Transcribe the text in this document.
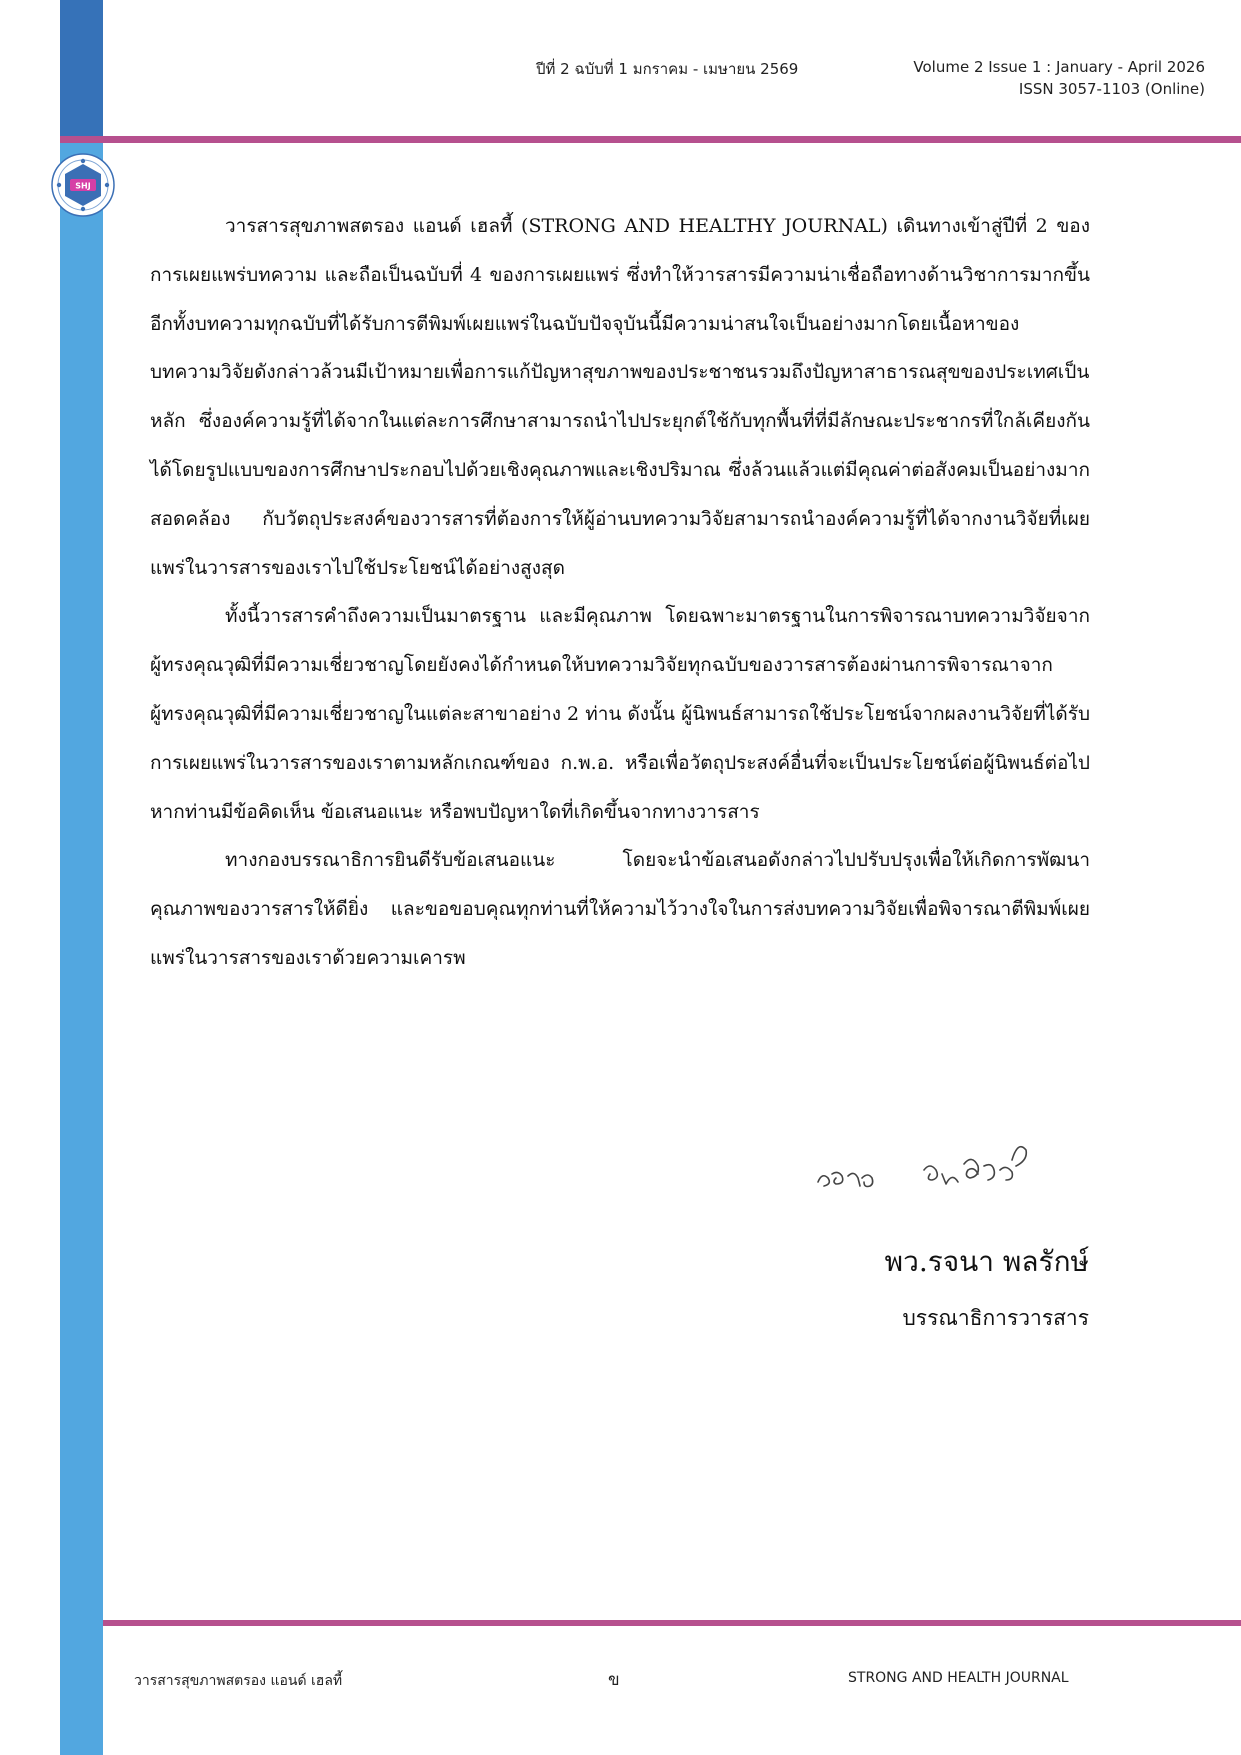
SHJ
ปีที่ 2 ฉบับที่ 1 มกราคม - เมษายน 2569	Volume 2 Issue 1 : January - April 2026
ISSN 3057-1103 (Online)

วารสารสุขภาพสตรอง แอนด์ เฮลที้ (STRONG AND HEALTHY JOURNAL) เดินทางเข้าสู่ปีที่ 2 ของการเผยแพร่บทความ และถือเป็นฉบับที่ 4 ของการเผยแพร่ ซึ่งทำให้วารสารมีความน่าเชื่อถือทางด้านวิชาการมากขึ้น อีกทั้งบทความทุกฉบับที่ได้รับการตีพิมพ์เผยแพร่ในฉบับปัจจุบันนี้มีความน่าสนใจเป็นอย่างมากโดยเนื้อหาของบทความวิจัยดังกล่าวล้วนมีเป้าหมายเพื่อการแก้ปัญหาสุขภาพของประชาชนรวมถึงปัญหาสาธารณสุขของประเทศเป็นหลัก ซึ่งองค์ความรู้ที่ได้จากในแต่ละการศึกษาสามารถนำไปประยุกต์ใช้กับทุกพื้นที่ที่มีลักษณะประชากรที่ใกล้เคียงกันได้โดยรูปแบบของการศึกษาประกอบไปด้วยเชิงคุณภาพและเชิงปริมาณ ซึ่งล้วนแล้วแต่มีคุณค่าต่อสังคมเป็นอย่างมากสอดคล้อง กับวัตถุประสงค์ของวารสารที่ต้องการให้ผู้อ่านบทความวิจัยสามารถนำองค์ความรู้ที่ได้จากงานวิจัยที่เผยแพร่ในวารสารของเราไปใช้ประโยชน์ได้อย่างสูงสุด

ทั้งนี้วารสารคำถึงความเป็นมาตรฐาน และมีคุณภาพ โดยฉพาะมาตรฐานในการพิจารณาบทความวิจัยจากผู้ทรงคุณวุฒิที่มีความเชี่ยวชาญโดยยังคงได้กำหนดให้บทความวิจัยทุกฉบับของวารสารต้องผ่านการพิจารณาจากผู้ทรงคุณวุฒิที่มีความเชี่ยวชาญในแต่ละสาขาอย่าง 2 ท่าน ดังนั้น ผู้นิพนธ์สามารถใช้ประโยชน์จากผลงานวิจัยที่ได้รับการเผยแพร่ในวารสารของเราตามหลักเกณฑ์ของ ก.พ.อ. หรือเพื่อวัตถุประสงค์อื่นที่จะเป็นประโยชน์ต่อผู้นิพนธ์ต่อไป หากท่านมีข้อคิดเห็น ข้อเสนอแนะ หรือพบปัญหาใดที่เกิดขึ้นจากทางวารสาร

ทางกองบรรณาธิการยินดีรับข้อเสนอแนะ โดยจะนำข้อเสนอดังกล่าวไปปรับปรุงเพื่อให้เกิดการพัฒนาคุณภาพของวารสารให้ดียิ่ง และขอขอบคุณทุกท่านที่ให้ความไว้วางใจในการส่งบทความวิจัยเพื่อพิจารณาตีพิมพ์เผยแพร่ในวารสารของเราด้วยความเคารพ

พว.รจนา พลรักษ์
บรรณาธิการวารสาร
วารสารสุขภาพสตรอง แอนด์ เฮลที้	ข	STRONG AND HEALTH JOURNAL
